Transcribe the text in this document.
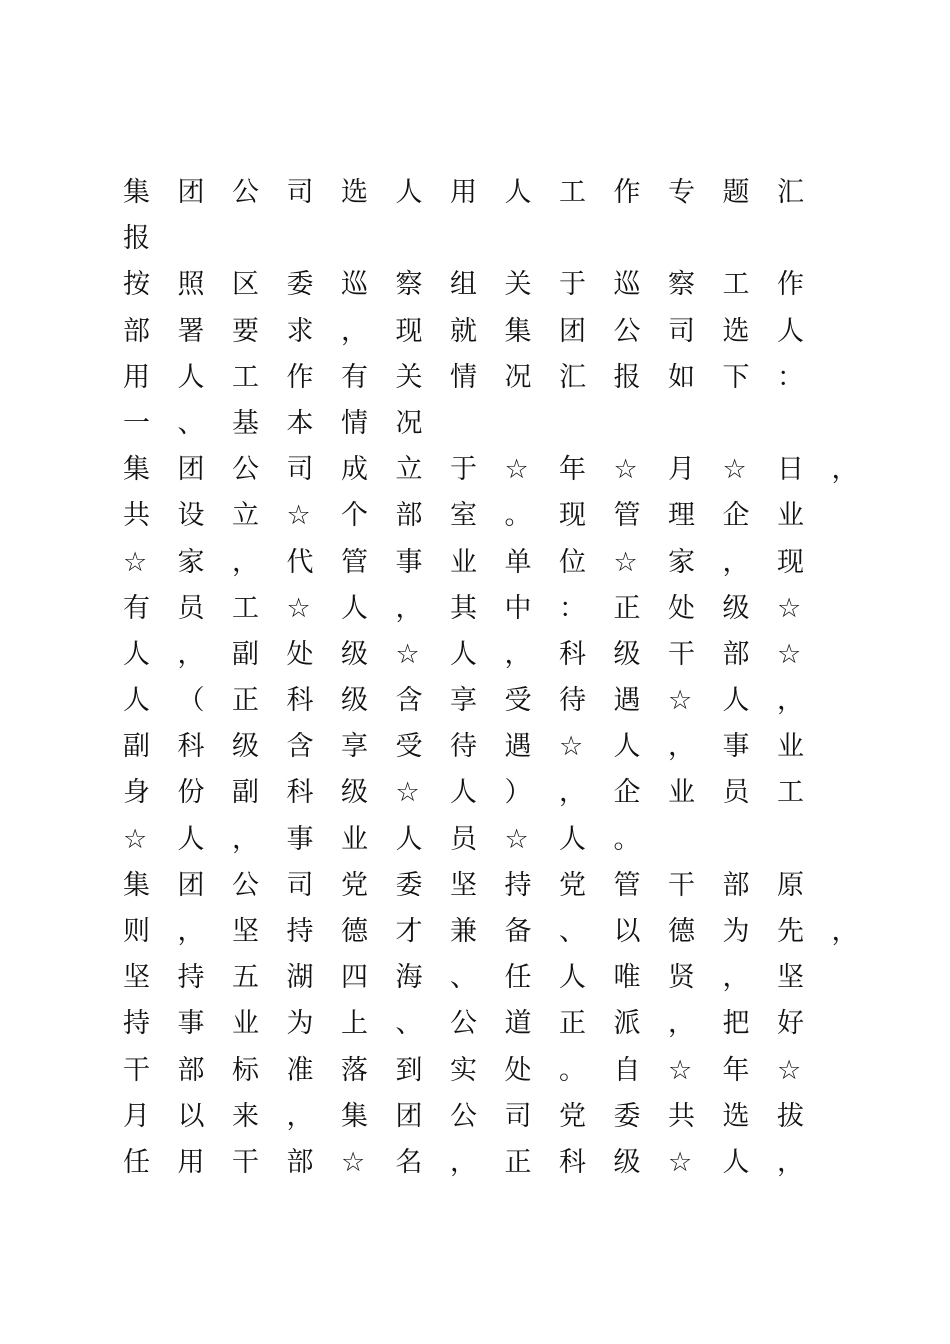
集	团	公	司	选	人	用	人	工	作	专	题	汇
报
按	照	区	委	巡	察	组	关	于	巡	察	工	作
部	署	要	求	，	现	就	集	团	公	司	选	人
用	人	工	作	有	关	情	况	汇	报	如	下	：
一	、	基	本	情	况
集	团	公	司	成	立	于	☆	年	☆	月	☆	日	，
共	设	立	☆	个	部	室	。	现	管	理	企	业
☆	家	，	代	管	事	业	单	位	☆	家	，	现
有	员	工	☆	人	，	其	中	：	正	处	级	☆
人	，	副	处	级	☆	人	，	科	级	干	部	☆
人	（	正	科	级	含	享	受	待	遇	☆	人	，
副	科	级	含	享	受	待	遇	☆	人	，	事	业
身	份	副	科	级	☆	人	）	，	企	业	员	工
☆	人	，	事	业	人	员	☆	人	。
集	团	公	司	党	委	坚	持	党	管	干	部	原
则	，	坚	持	德	才	兼	备	、	以	德	为	先	，
坚	持	五	湖	四	海	、	任	人	唯	贤	，	坚
持	事	业	为	上	、	公	道	正	派	，	把	好
干	部	标	准	落	到	实	处	。	自	☆	年	☆
月	以	来	，	集	团	公	司	党	委	共	选	拔
任	用	干	部	☆	名	，	正	科	级	☆	人	，
